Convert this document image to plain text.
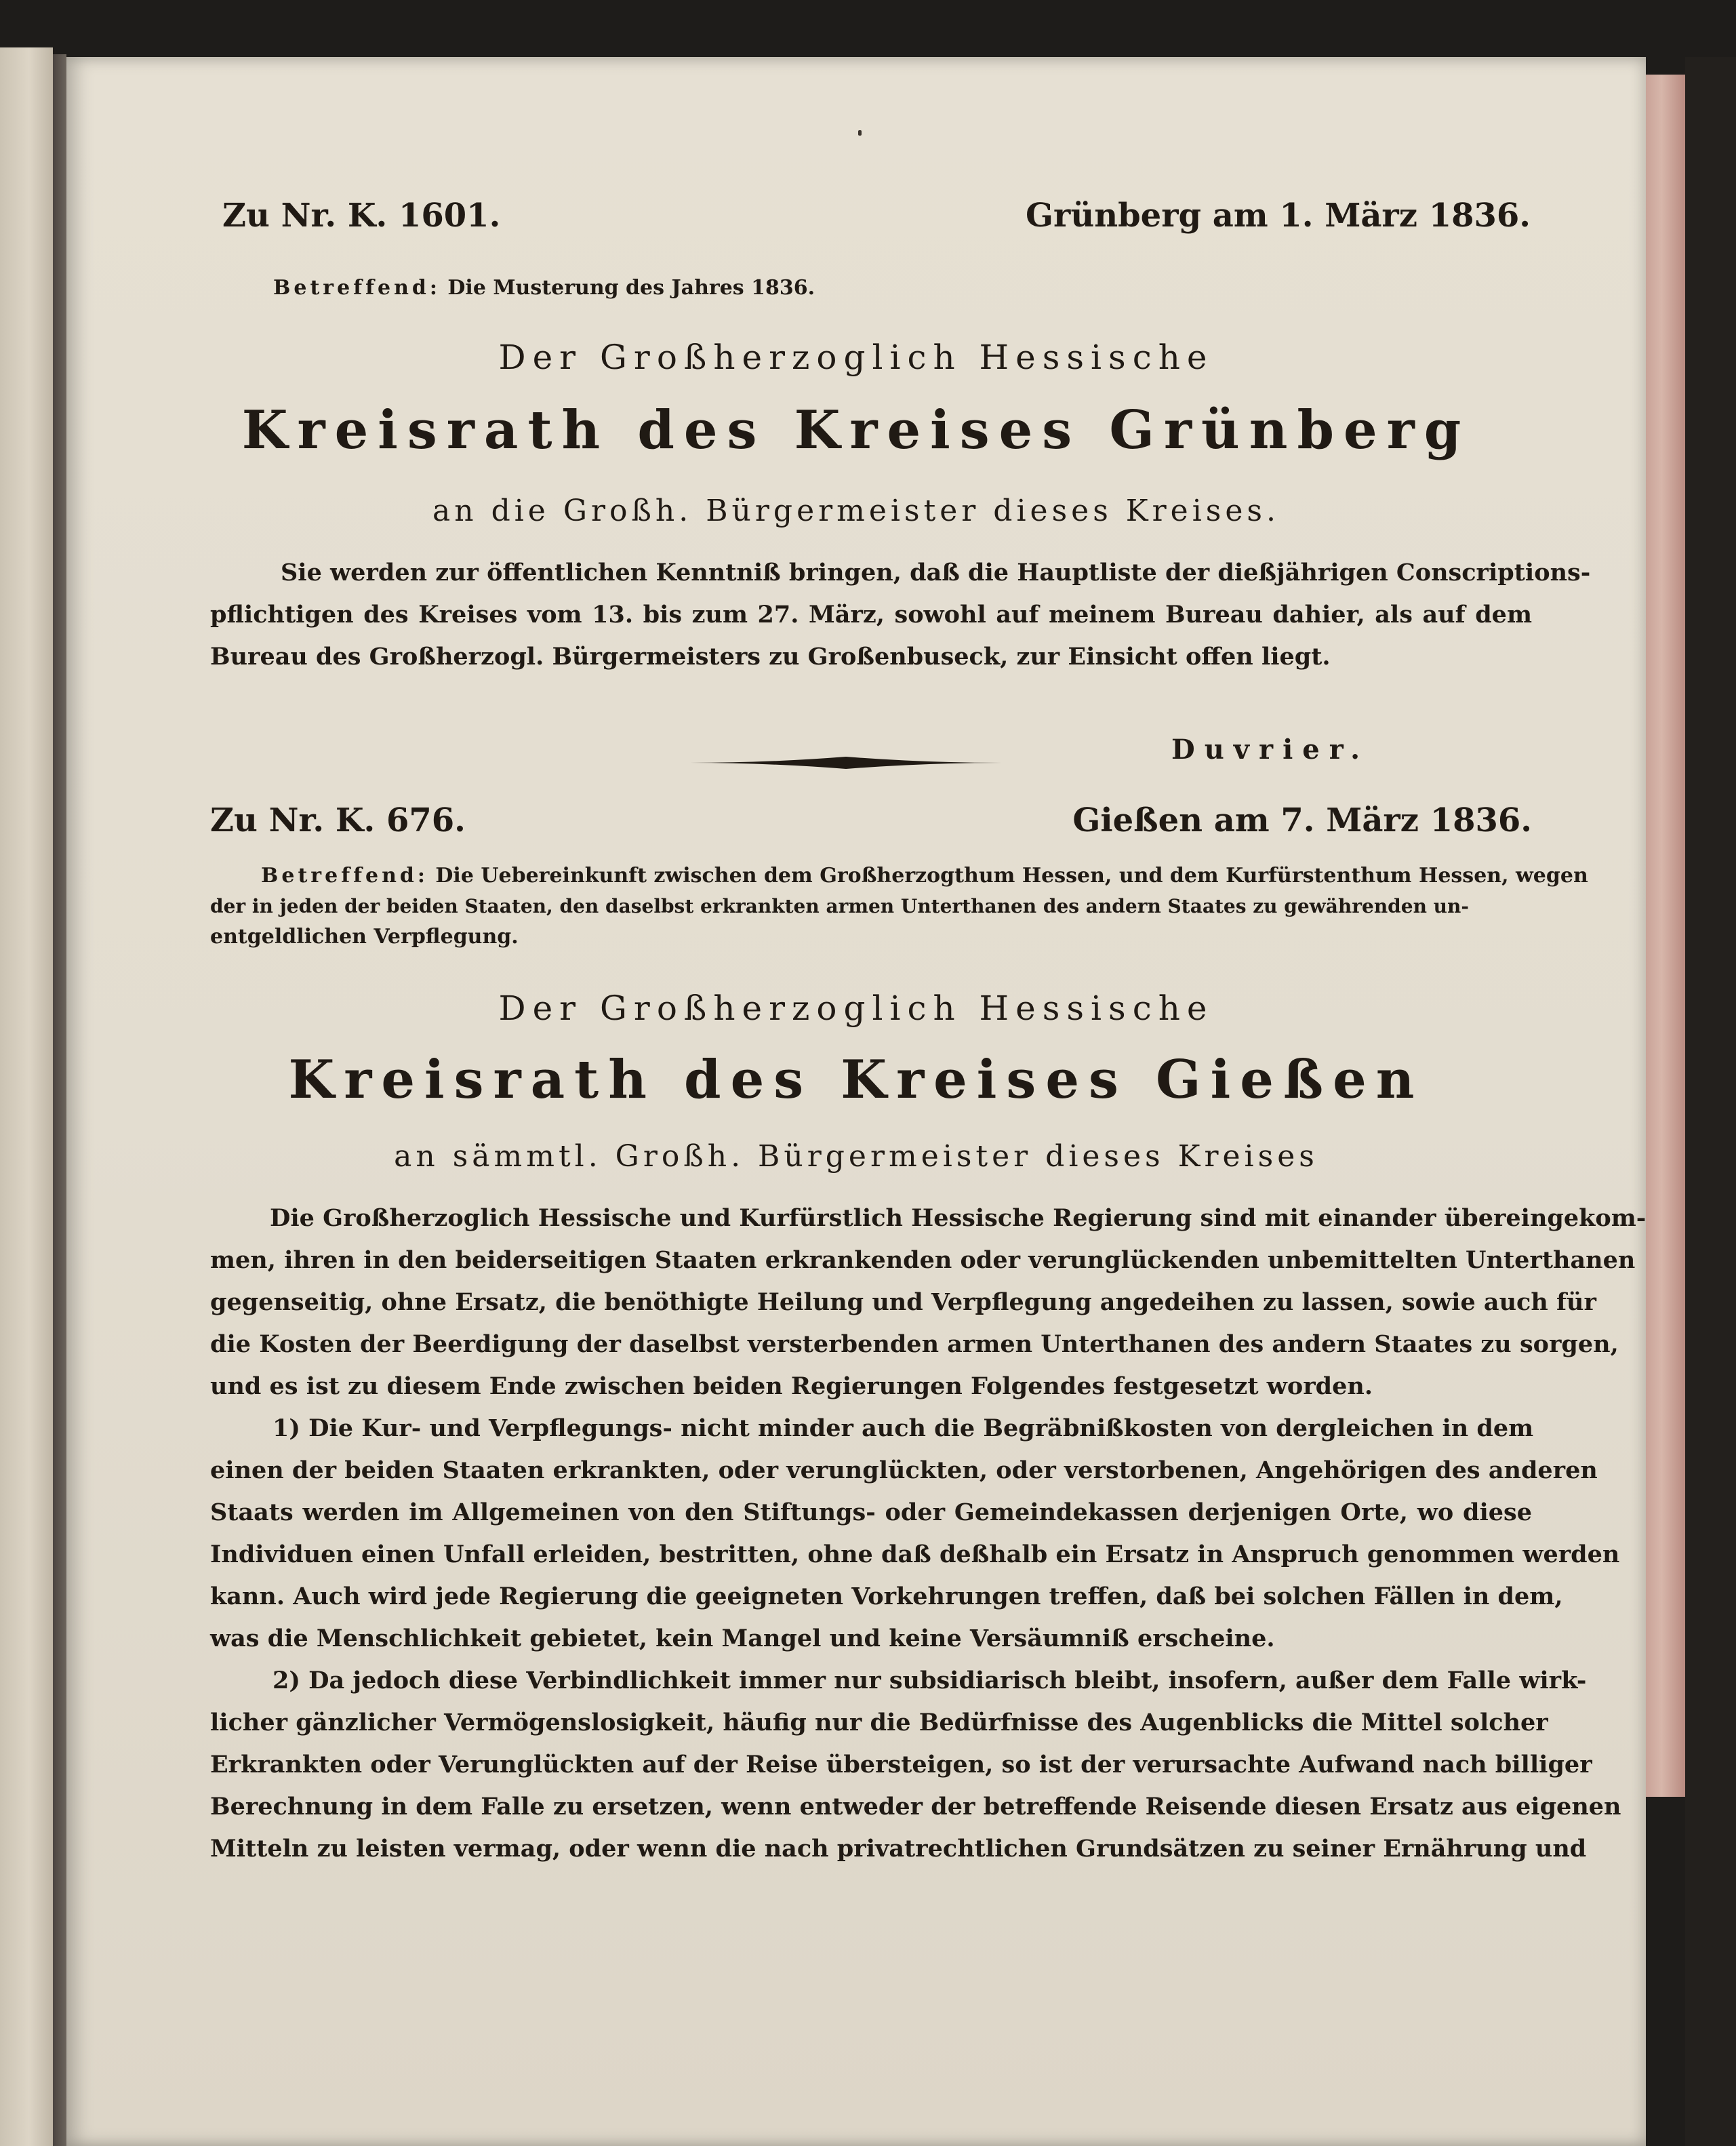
Zu Nr. K. 1601.	Grünberg am 1. März 1836.
Betreffend: Die Musterung des Jahres 1836.
Der Großherzoglich Hessische
Kreisrath des Kreises Grünberg
an die Großh. Bürgermeister dieses Kreises.
Sie werden zur öffentlichen Kenntniß bringen, daß die Hauptliste der dießjährigen Conscriptions-
pflichtigen des Kreises vom 13. bis zum 27. März, sowohl auf meinem Bureau dahier, als auf dem
Bureau des Großherzogl. Bürgermeisters zu Großenbuseck, zur Einsicht offen liegt.
Duvrier.
Zu Nr. K. 676.	Gießen am 7. März 1836.
Betreffend: Die Uebereinkunft zwischen dem Großherzogthum Hessen, und dem Kurfürstenthum Hessen, wegen
der in jeden der beiden Staaten, den daselbst erkrankten armen Unterthanen des andern Staates zu gewährenden un-
entgeldlichen Verpflegung.
Der Großherzoglich Hessische
Kreisrath des Kreises Gießen
an sämmtl. Großh. Bürgermeister dieses Kreises
Die Großherzoglich Hessische und Kurfürstlich Hessische Regierung sind mit einander übereingekom-
men, ihren in den beiderseitigen Staaten erkrankenden oder verunglückenden unbemittelten Unterthanen
gegenseitig, ohne Ersatz, die benöthigte Heilung und Verpflegung angedeihen zu lassen, sowie auch für
die Kosten der Beerdigung der daselbst versterbenden armen Unterthanen des andern Staates zu sorgen,
und es ist zu diesem Ende zwischen beiden Regierungen Folgendes festgesetzt worden.
1) Die Kur- und Verpflegungs- nicht minder auch die Begräbnißkosten von dergleichen in dem
einen der beiden Staaten erkrankten, oder verunglückten, oder verstorbenen, Angehörigen des anderen
Staats werden im Allgemeinen von den Stiftungs- oder Gemeindekassen derjenigen Orte, wo diese
Individuen einen Unfall erleiden, bestritten, ohne daß deßhalb ein Ersatz in Anspruch genommen werden
kann. Auch wird jede Regierung die geeigneten Vorkehrungen treffen, daß bei solchen Fällen in dem,
was die Menschlichkeit gebietet, kein Mangel und keine Versäumniß erscheine.
2) Da jedoch diese Verbindlichkeit immer nur subsidiarisch bleibt, insofern, außer dem Falle wirk-
licher gänzlicher Vermögenslosigkeit, häufig nur die Bedürfnisse des Augenblicks die Mittel solcher
Erkrankten oder Verunglückten auf der Reise übersteigen, so ist der verursachte Aufwand nach billiger
Berechnung in dem Falle zu ersetzen, wenn entweder der betreffende Reisende diesen Ersatz aus eigenen
Mitteln zu leisten vermag, oder wenn die nach privatrechtlichen Grundsätzen zu seiner Ernährung und
